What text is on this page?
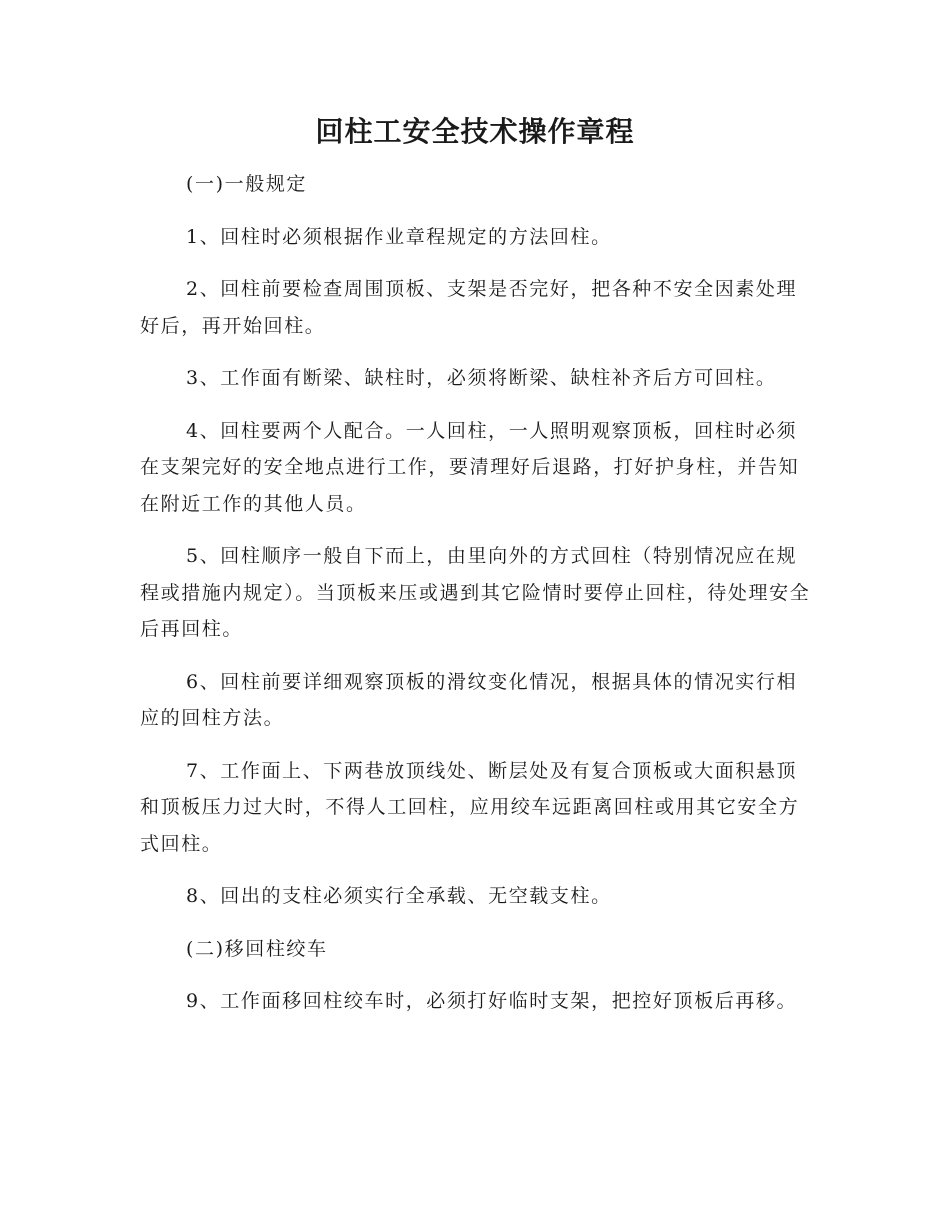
回柱工安全技术操作章程

(一)一般规定

1、回柱时必须根据作业章程规定的方法回柱。

2、回柱前要检查周围顶板、支架是否完好，把各种不安全因素处理好后，再开始回柱。

3、工作面有断梁、缺柱时，必须将断梁、缺柱补齐后方可回柱。

4、回柱要两个人配合。一人回柱，一人照明观察顶板，回柱时必须在支架完好的安全地点进行工作，要清理好后退路，打好护身柱，并告知在附近工作的其他人员。

5、回柱顺序一般自下而上，由里向外的方式回柱（特别情况应在规程或措施内规定）。当顶板来压或遇到其它险情时要停止回柱，待处理安全后再回柱。

6、回柱前要详细观察顶板的滑纹变化情况，根据具体的情况实行相应的回柱方法。

7、工作面上、下两巷放顶线处、断层处及有复合顶板或大面积悬顶和顶板压力过大时，不得人工回柱，应用绞车远距离回柱或用其它安全方式回柱。

8、回出的支柱必须实行全承载、无空载支柱。

(二)移回柱绞车

9、工作面移回柱绞车时，必须打好临时支架，把控好顶板后再移。
